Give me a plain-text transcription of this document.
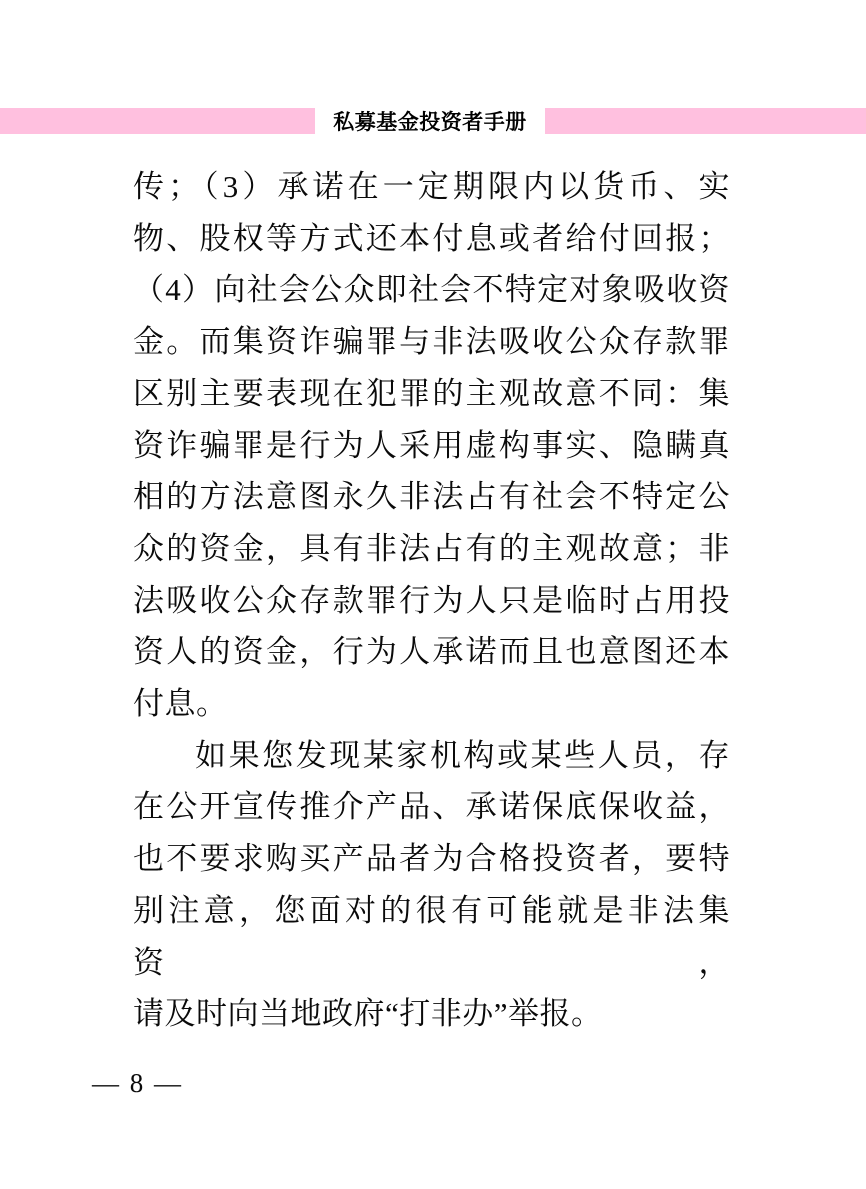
私募基金投资者手册
传；（3）承诺在一定期限内以货币、实
物、股权等方式还本付息或者给付回报；
（4）向社会公众即社会不特定对象吸收资
金。而集资诈骗罪与非法吸收公众存款罪
区别主要表现在犯罪的主观故意不同：集
资诈骗罪是行为人采用虚构事实、隐瞒真
相的方法意图永久非法占有社会不特定公
众的资金，具有非法占有的主观故意；非
法吸收公众存款罪行为人只是临时占用投
资人的资金，行为人承诺而且也意图还本
付息。
如果您发现某家机构或某些人员，存
在公开宣传推介产品、承诺保底保收益，
也不要求购买产品者为合格投资者，要特
别注意，您面对的很有可能就是非法集资，
请及时向当地政府“打非办”举报。
— 8 —
